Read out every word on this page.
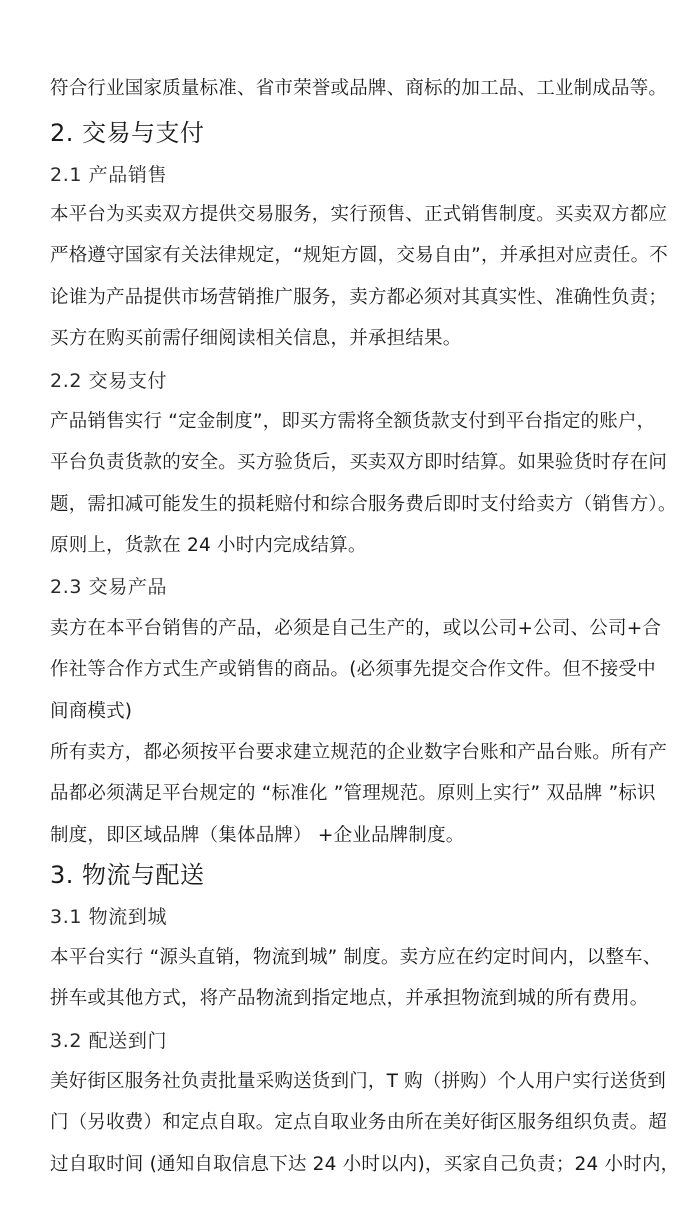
符合行业国家质量标准、省市荣誉或品牌、商标的加工品、工业制成品等。
2. 交易与支付
2.1 产品销售
本平台为买卖双方提供交易服务，实行预售、正式销售制度。买卖双方都应
严格遵守国家有关法律规定，“规矩方圆，交易自由”，并承担对应责任。不
论谁为产品提供市场营销推广服务，卖方都必须对其真实性、准确性负责；
买方在购买前需仔细阅读相关信息，并承担结果。
2.2 交易支付
产品销售实行 “定金制度”，即买方需将全额货款支付到平台指定的账户，
平台负责货款的安全。买方验货后，买卖双方即时结算。如果验货时存在问
题，需扣减可能发生的损耗赔付和综合服务费后即时支付给卖方（销售方）。
原则上，货款在 24 小时内完成结算。
2.3 交易产品
卖方在本平台销售的产品，必须是自己生产的，或以公司+公司、公司+合
作社等合作方式生产或销售的商品。(必须事先提交合作文件。但不接受中
间商模式)
所有卖方，都必须按平台要求建立规范的企业数字台账和产品台账。所有产
品都必须满足平台规定的 “标准化 ”管理规范。原则上实行” 双品牌 ”标识
制度，即区域品牌（集体品牌） +企业品牌制度。
3. 物流与配送
3.1 物流到城
本平台实行 “源头直销，物流到城” 制度。卖方应在约定时间内，以整车、
拼车或其他方式，将产品物流到指定地点，并承担物流到城的所有费用。
3.2 配送到门
美好街区服务社负责批量采购送货到门，T 购（拼购）个人用户实行送货到
门（另收费）和定点自取。定点自取业务由所在美好街区服务组织负责。超
过自取时间 (通知自取信息下达 24 小时以内)，买家自己负责；24 小时内，
